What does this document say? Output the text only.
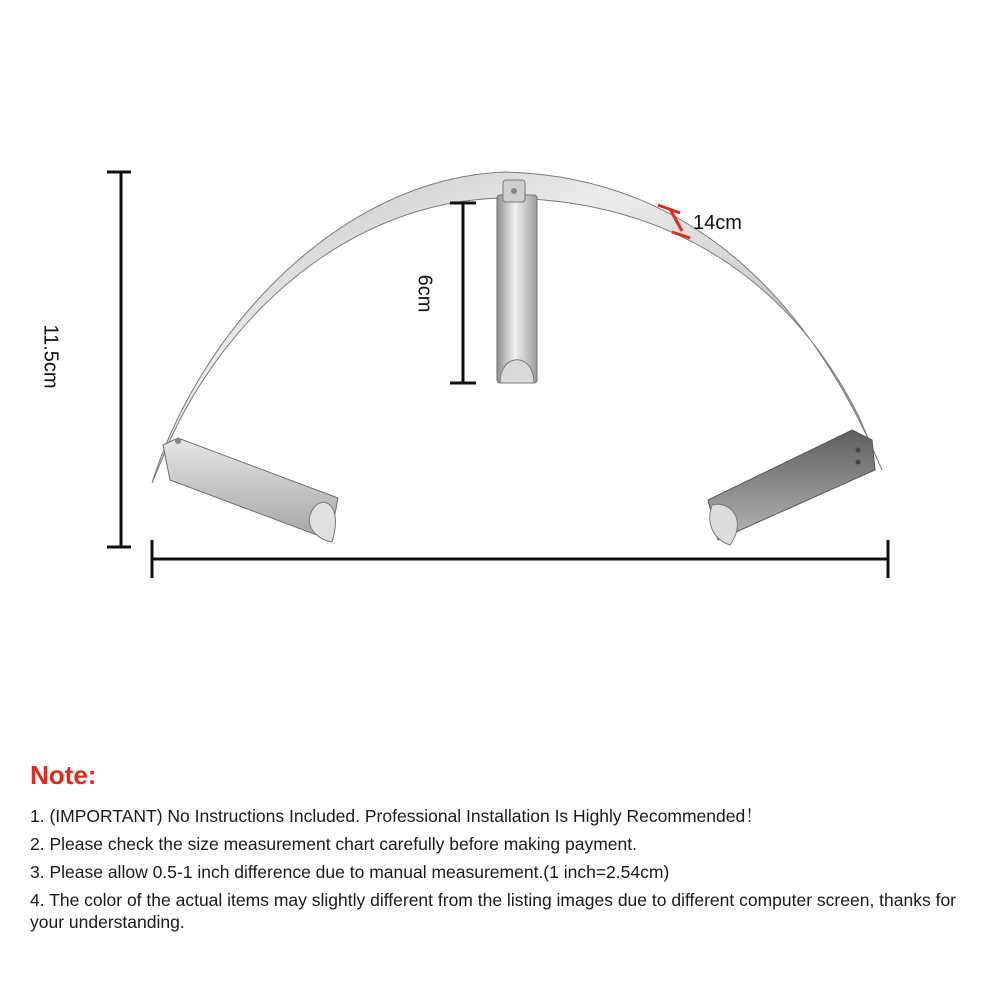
11.5cm
6cm
14cm
Note:
1. (IMPORTANT) No Instructions Included. Professional Installation Is Highly Recommended！
2. Please check the size measurement chart carefully before making payment.
3. Please allow 0.5-1 inch difference due to manual measurement.(1 inch=2.54cm)
4. The color of the actual items may slightly different from the listing images due to different computer screen, thanks for your understanding.
